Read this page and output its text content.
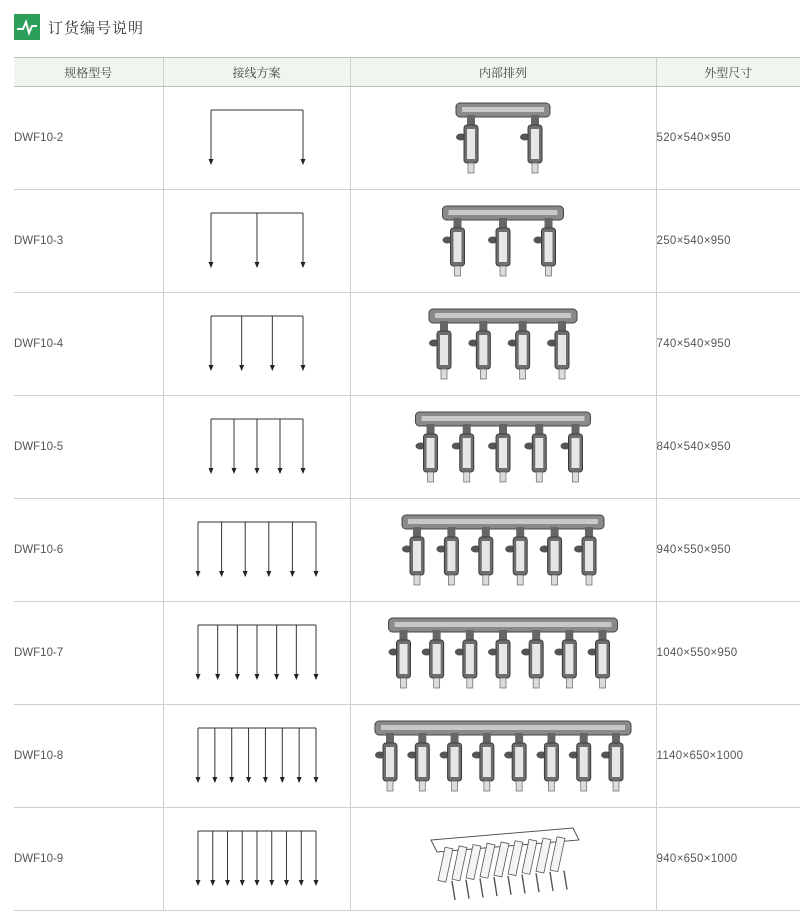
订货编号说明
规格型号	接线方案	内部排列	外型尺寸
DWF10-2			520×540×950
DWF10-3			250×540×950
DWF10-4			740×540×950
DWF10-5			840×540×950
DWF10-6			940×550×950
DWF10-7			1040×550×950
DWF10-8			1140×650×1000
DWF10-9			940×650×1000
